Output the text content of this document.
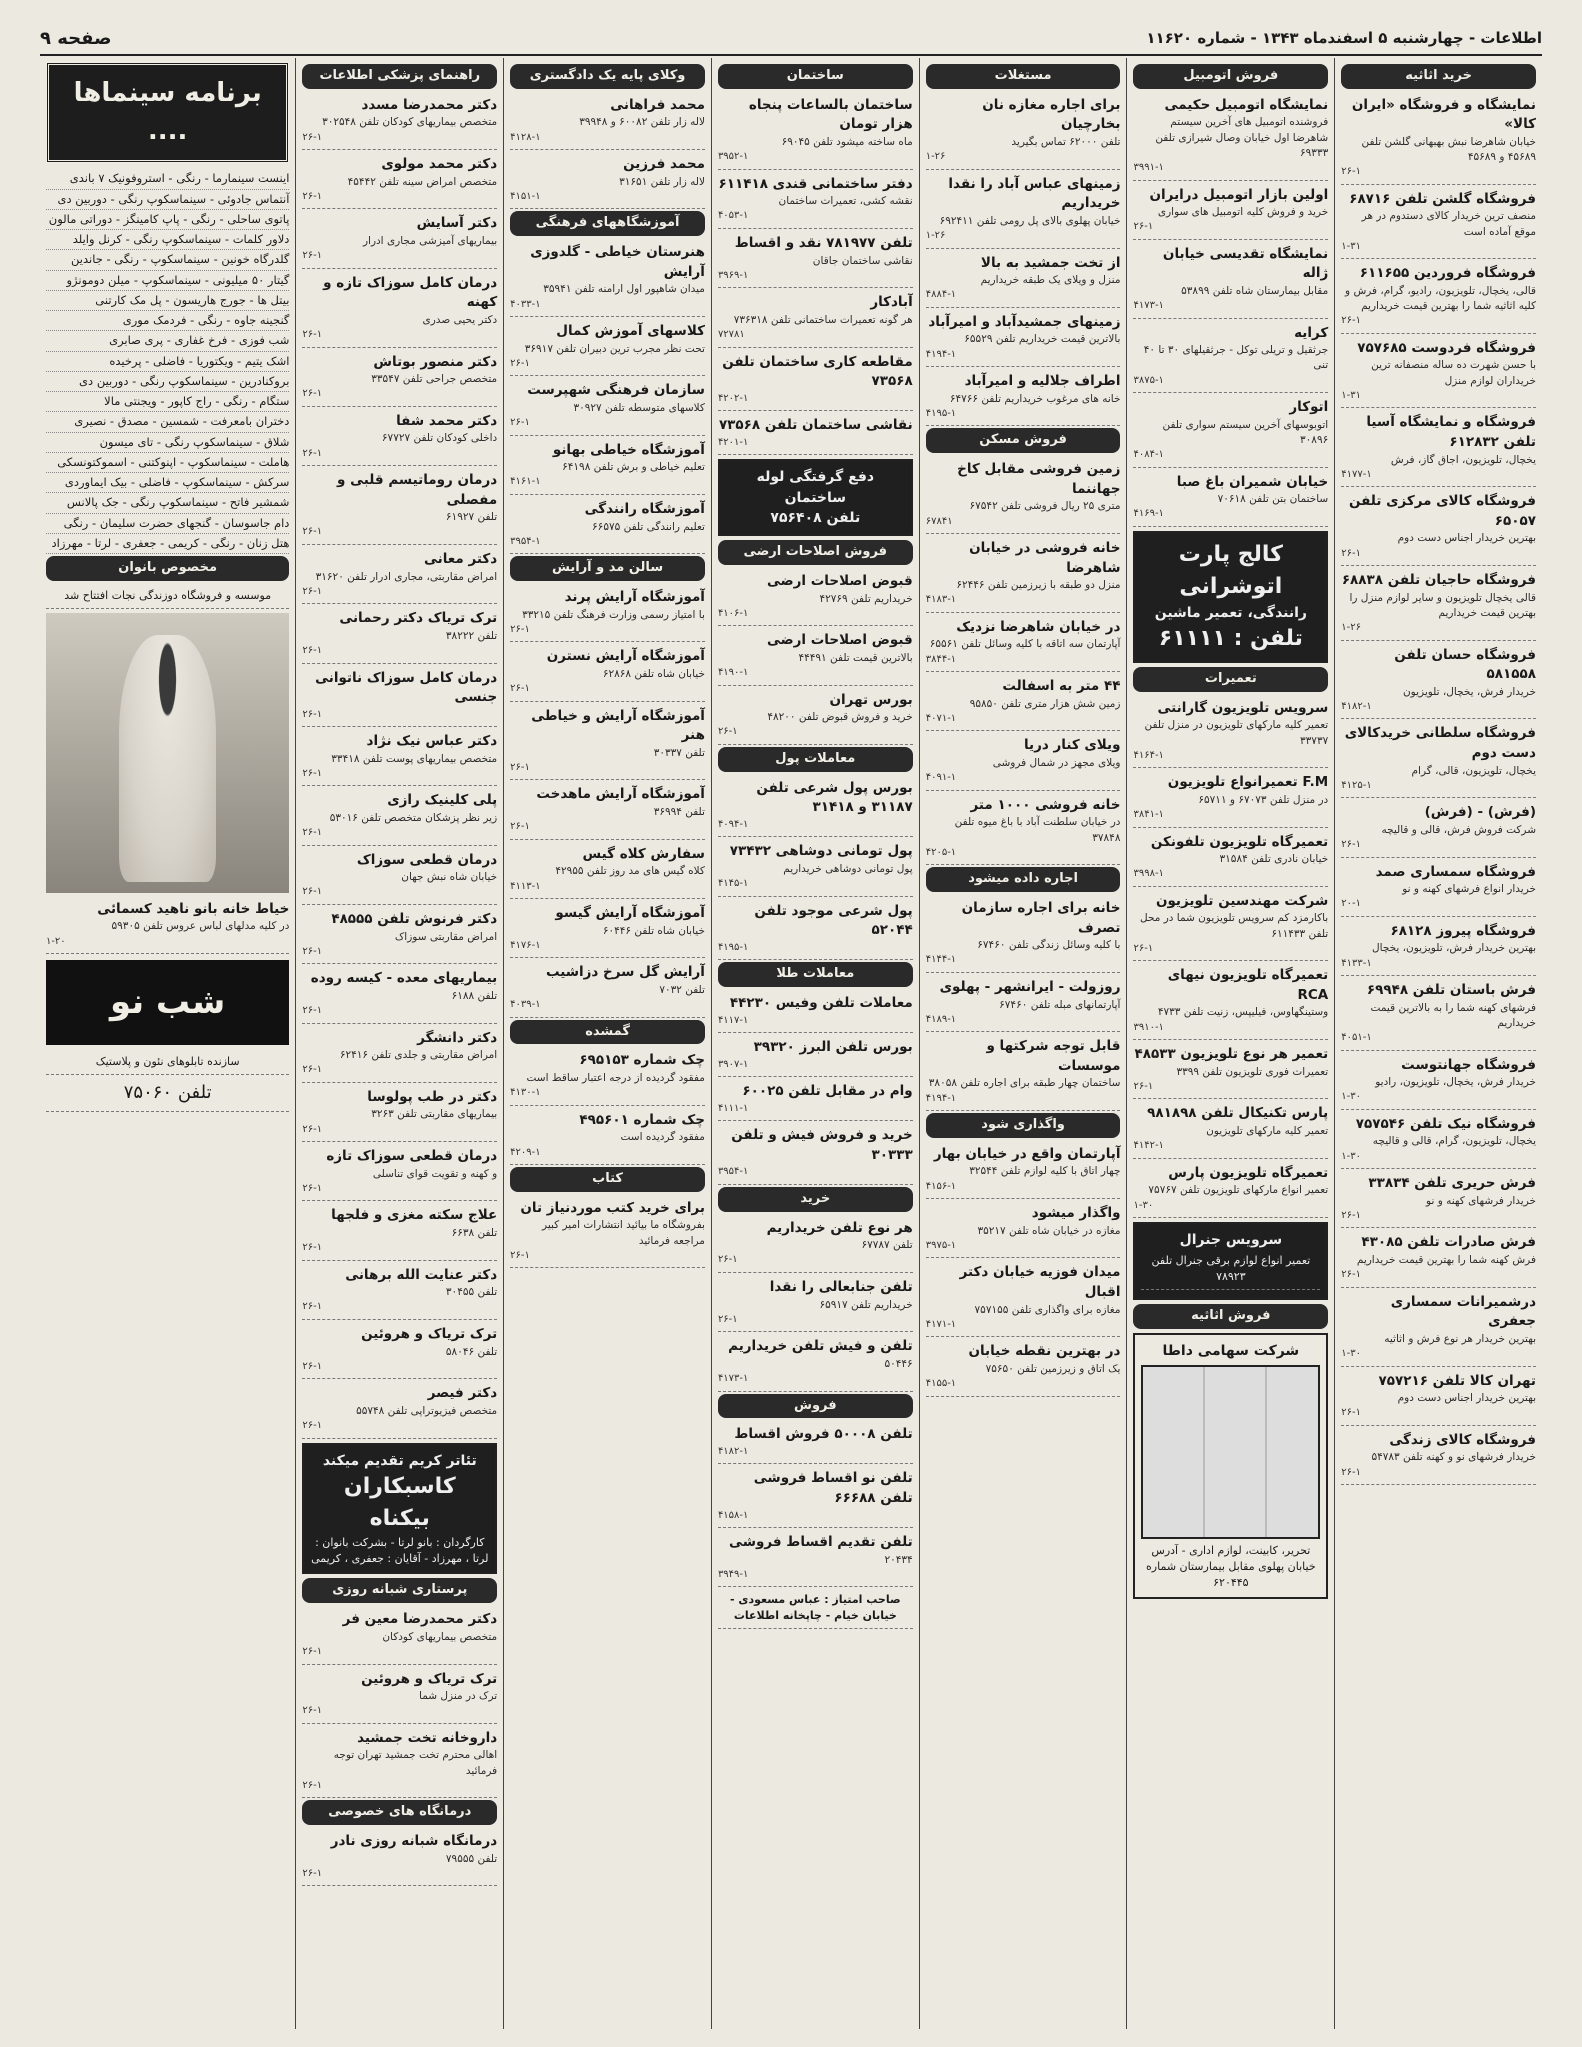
اطلاعات - چهارشنبه ۵ اسفندماه ۱۳۴۳ - شماره ۱۱۶۲۰
صفحه ۹
خرید اثاثیه
نمایشگاه و فروشگاه «ایران کالا»
خیابان شاهرضا نبش بهبهانی گلشن تلفن ۴۵۶۸۹ و ۴۵۶۸۹
۲۶-۱
فروشگاه گلشن تلفن ۶۸۷۱۶
منصف ترین خریدار کالای دستدوم در هر موقع آماده است
۱-۳۱
فروشگاه فروردین ۶۱۱۶۵۵
قالی، یخچال، تلویزیون، رادیو، گرام، فرش و کلیه اثاثیه شما را بهترین قیمت خریداریم
۲۶-۱
فروشگاه فردوست ۷۵۷۶۸۵
با حسن شهرت ده ساله منصفانه ترین خریداران لوازم منزل
۱-۳۱
فروشگاه و نمایشگاه آسیا تلفن ۶۱۲۸۳۲
یخچال، تلویزیون، اجاق گاز، فرش
۴۱۷۷-۱
فروشگاه کالای مرکزی تلفن ۶۵۰۵۷
بهترین خریدار اجناس دست دوم
۲۶-۱
فروشگاه حاجیان تلفن ۶۸۸۳۸
قالی یخچال تلویزیون و سایر لوازم منزل را بهترین قیمت خریداریم
۱-۲۶
فروشگاه حسان تلفن ۵۸۱۵۵۸
خریدار فرش، یخچال، تلویزیون
۴۱۸۲-۱
فروشگاه سلطانی خریدکالای دست دوم
یخچال، تلویزیون، قالی، گرام
۴۱۲۵-۱
(فرش) - (فرش)
شرکت فروش فرش، قالی و قالیچه
۲۶-۱
فروشگاه سمساری صمد
خریدار انواع فرشهای کهنه و نو
۲۰-۱
فروشگاه پیروز ۶۸۱۲۸
بهترین خریدار فرش، تلویزیون، یخچال
۴۱۳۳-۱
فرش باستان تلفن ۶۹۹۴۸
فرشهای کهنه شما را به بالاترین قیمت خریداریم
۴۰۵۱-۱
فروشگاه جهانتوست
خریدار فرش، یخچال، تلویزیون، رادیو
۱-۳۰
فروشگاه نیک تلفن ۷۵۷۵۴۶
یخچال، تلویزیون، گرام، قالی و قالیچه
۱-۳۰
فرش حریری تلفن ۳۳۸۳۴
خریدار فرشهای کهنه و نو
۲۶-۱
فرش صادرات تلفن ۴۳۰۸۵
فرش کهنه شما را بهترین قیمت خریداریم
۲۶-۱
درشمیرانات سمساری جعفری
بهترین خریدار هر نوع فرش و اثاثیه
۱-۳۰
تهران کالا تلفن ۷۵۷۲۱۶
بهترین خریدار اجناس دست دوم
۲۶-۱
فروشگاه کالای زندگی
خریدار فرشهای نو و کهنه تلفن ۵۴۷۸۳
۲۶-۱
فروش اتومبیل
نمایشگاه اتومبیل حکیمی
فروشنده اتومبیل های آخرین سیستم شاهرضا اول خیابان وصال شیرازی تلفن ۶۹۳۳۳
۳۹۹۱-۱
اولین بازار اتومبیل درایران
خرید و فروش کلیه اتومبیل های سواری
۲۶-۱
نمایشگاه تقدیسی خیابان ژاله
مقابل بیمارستان شاه تلفن ۵۳۸۹۹
۴۱۷۳-۱
کرایه
جرثقیل و تریلی توکل - جرثقیلهای ۳۰ تا ۴۰ تنی
۳۸۷۵-۱
اتوکار
اتوبوسهای آخرین سیستم سواری تلفن ۳۰۸۹۶
۴۰۸۴-۱
خیابان شمیران باغ صبا
ساختمان بتن تلفن ۷۰۶۱۸
۴۱۶۹-۱
کالج پارت اتوشرانی
رانندگی، تعمیر ماشین
تلفن : ۶۱۱۱۱
تعمیرات
سرویس تلویزیون گارانتی
تعمیر کلیه مارکهای تلویزیون در منزل تلفن ۳۳۷۳۷
۴۱۶۴-۱
F.M تعمیرانواع تلویزیون
در منزل تلفن ۶۷۰۷۳ و ۶۵۷۱۱
۳۸۴۱-۱
تعمیرگاه تلویزیون تلفونکن
خیابان نادری تلفن ۳۱۵۸۴
۳۹۹۸-۱
شرکت مهندسین تلویزیون
باکارمزد کم سرویس تلویزیون شما در محل تلفن ۶۱۱۴۳۳
۲۶-۱
تعمیرگاه تلویزیون نیهای RCA
وستینگهاوس، فیلیپس، زنیت تلفن ۴۷۳۳
۳۹۱۰-۱
تعمیر هر نوع تلویزیون ۴۸۵۳۳
تعمیرات فوری تلویزیون تلفن ۳۳۹۹
۲۶-۱
پارس تکنیکال تلفن ۹۸۱۸۹۸
تعمیر کلیه مارکهای تلویزیون
۴۱۴۲-۱
تعمیرگاه تلویزیون پارس
تعمیر انواع مارکهای تلویزیون تلفن ۷۵۷۶۷
۱-۳۰
سرویس جنرال
تعمیر انواع لوازم برقی جنرال تلفن ۷۸۹۲۳
فروش اثاثیه
شرکت سهامی داطا
تحریر، کابینت، لوازم اداری - آدرس خیابان پهلوی مقابل بیمارستان شماره ۶۲۰۴۴۵
مستغلات
برای اجاره مغازه نان بخارچیان
تلفن ۶۲۰۰۰ تماس بگیرید
۱-۲۶
زمینهای عباس آباد را نقدا خریداریم
خیابان پهلوی بالای پل رومی تلفن ۶۹۲۴۱۱
۱-۲۶
از تخت جمشید به بالا
منزل و ویلای یک طبقه خریداریم
۴۸۸۴-۱
زمینهای جمشیدآباد و امیرآباد
بالاترین قیمت خریداریم تلفن ۶۵۵۲۹
۴۱۹۴-۱
اطراف جلالیه و امیرآباد
خانه های مرغوب خریداریم تلفن ۶۴۷۶۶
۴۱۹۵-۱
فروش مسکن
زمین فروشی مقابل کاخ جهاننما
متری ۲۵ ریال فروشی تلفن ۶۷۵۴۲
۶۷۸۴۱
خانه فروشی در خیابان شاهرضا
منزل دو طبقه با زیرزمین تلفن ۶۲۴۴۶
۴۱۸۳-۱
در خیابان شاهرضا نزدیک
آپارتمان سه اتاقه با کلیه وسائل تلفن ۶۵۵۶۱
۳۸۴۴-۱
۴۴ متر به اسفالت
زمین شش هزار متری تلفن ۹۵۸۵۰
۴۰۷۱-۱
ویلای کنار دریا
ویلای مجهز در شمال فروشی
۴۰۹۱-۱
خانه فروشی ۱۰۰۰ متر
در خیابان سلطنت آباد با باغ میوه تلفن ۳۷۸۴۸
۴۲۰۵-۱
اجاره داده میشود
خانه برای اجاره سازمان تصرف
با کلیه وسائل زندگی تلفن ۶۷۴۶۰
۴۱۴۴-۱
روزولت - ایرانشهر - پهلوی
آپارتمانهای مبله تلفن ۶۷۴۶۰
۴۱۸۹-۱
قابل توجه شرکتها و موسسات
ساختمان چهار طبقه برای اجاره تلفن ۳۸۰۵۸
۴۱۹۴-۱
واگذاری شود
آپارتمان واقع در خیابان بهار
چهار اتاق با کلیه لوازم تلفن ۳۲۵۴۴
۴۱۵۶-۱
واگذار میشود
مغازه در خیابان شاه تلفن ۳۵۲۱۷
۳۹۷۵-۱
میدان فوزیه خیابان دکتر اقبال
مغازه برای واگذاری تلفن ۷۵۷۱۵۵
۴۱۷۱-۱
در بهترین نقطه خیابان
یک اتاق و زیرزمین تلفن ۷۵۶۵۰
۴۱۵۵-۱
ساختمان
ساختمان بالساعات پنجاه هزار تومان
ماه ساخته میشود تلفن ۶۹۰۴۵
۳۹۵۲-۱
دفتر ساختمانی قندی ۶۱۱۴۱۸
نقشه کشی، تعمیرات ساختمان
۴۰۵۳-۱
تلفن ۷۸۱۹۷۷ نقد و اقساط
نقاشی ساختمان جاقان
۳۹۶۹-۱
آبادکار
هر گونه تعمیرات ساختمانی تلفن ۷۳۶۳۱۸
۷۲۷۸۱
مقاطعه کاری ساختمان تلفن ۷۳۵۶۸
۴۲۰۲-۱
نقاشی ساختمان تلفن ۷۳۵۶۸
۴۲۰۱-۱
دفع گرفتگی لوله ساختمان
تلفن ۷۵۶۴۰۸
فروش اصلاحات ارضی
قبوض اصلاحات ارضی
خریداریم تلفن ۴۲۷۶۹
۴۱۰۶-۱
قبوض اصلاحات ارضی
بالاترین قیمت تلفن ۴۴۴۹۱
۴۱۹۰-۱
بورس تهران
خرید و فروش قبوض تلفن ۴۸۲۰۰
۲۶-۱
معاملات پول
بورس پول شرعی تلفن ۳۱۱۸۷ و ۳۱۴۱۸
۴۰۹۴-۱
پول تومانی دوشاهی ۷۳۴۳۲
پول تومانی دوشاهی خریداریم
۴۱۴۵-۱
پول شرعی موجود تلفن ۵۲۰۴۴
۴۱۹۵-۱
معاملات طلا
معاملات تلفن وفیس ۴۴۲۳۰
۴۱۱۷-۱
بورس تلفن البرز ۳۹۳۲۰
۳۹۰۷-۱
وام در مقابل تلفن ۶۰۰۲۵
۴۱۱۱-۱
خرید و فروش فیش و تلفن ۳۰۳۳۳
۳۹۵۴-۱
خرید
هر نوع تلفن خریداریم
تلفن ۶۷۷۸۷
۲۶-۱
تلفن جنابعالی را نقدا
خریداریم تلفن ۶۵۹۱۷
۲۶-۱
تلفن و فیش تلفن خریداریم
۵۰۴۴۶
۴۱۷۳-۱
فروش
تلفن ۵۰۰۰۸ فروش اقساط
۴۱۸۲-۱
تلفن نو اقساط فروشی تلفن ۶۶۶۸۸
۴۱۵۸-۱
تلفن تقدیم اقساط فروشی
۲۰۴۳۴
۳۹۴۹-۱
صاحب امتیاز : عباس مسعودی - خیابان خیام - چاپخانه اطلاعات
وکلای پایه یک دادگستری
محمد فراهانی
لاله زار تلفن ۶۰۰۸۲ و ۳۹۹۴۸
۴۱۲۸-۱
محمد فرزین
لاله زار تلفن ۳۱۶۵۱
۴۱۵۱-۱
آموزشگاههای فرهنگی
هنرستان خیاطی - گلدوزی آرایش
میدان شاهپور اول ارامنه تلفن ۳۵۹۴۱
۴۰۳۳-۱
کلاسهای آموزش کمال
تحت نظر مجرب ترین دبیران تلفن ۳۶۹۱۷
۲۶-۱
سازمان فرهنگی شهپرست
کلاسهای متوسطه تلفن ۳۰۹۲۷
۲۶-۱
آموزشگاه خیاطی بهانو
تعلیم خیاطی و برش تلفن ۶۴۱۹۸
۴۱۶۱-۱
آموزشگاه رانندگی
تعلیم رانندگی تلفن ۶۶۵۷۵
۳۹۵۴-۱
سالن مد و آرایش
آموزشگاه آرایش پرند
با امتیاز رسمی وزارت فرهنگ تلفن ۳۳۲۱۵
۲۶-۱
آموزشگاه آرایش نسترن
خیابان شاه تلفن ۶۲۸۶۸
۲۶-۱
آموزشگاه آرایش و خیاطی هنر
تلفن ۳۰۳۳۷
۲۶-۱
آموزشگاه آرایش ماهدخت
تلفن ۳۶۹۹۴
۲۶-۱
سفارش کلاه گیس
کلاه گیس های مد روز تلفن ۴۲۹۵۵
۴۱۱۳-۱
آموزشگاه آرایش گیسو
خیابان شاه تلفن ۶۰۴۴۶
۴۱۷۶-۱
آرایش گل سرخ دزاشیب
تلفن ۷۰۳۲
۴۰۳۹-۱
گمشده
چک شماره ۶۹۵۱۵۳
مفقود گردیده از درجه اعتبار ساقط است
۴۱۳۰-۱
چک شماره ۴۹۵۶۰۱
مفقود گردیده است
۴۲۰۹-۱
کتاب
برای خرید کتب موردنیاز تان
بفروشگاه ما بیائید انتشارات امیر کبیر مراجعه فرمائید
۲۶-۱
راهنمای پزشکی اطلاعات
دکتر محمدرضا مسدد
متخصص بیماریهای کودکان تلفن ۳۰۲۵۴۸
۲۶-۱
دکتر محمد مولوی
متخصص امراض سینه تلفن ۴۵۴۴۲
۲۶-۱
دکتر آسایش
بیماریهای آمیزشی مجاری ادرار
۲۶-۱
درمان کامل سوزاک تازه و کهنه
دکتر یحیی صدری
۲۶-۱
دکتر منصور بوتاش
متخصص جراحی تلفن ۳۳۵۴۷
۲۶-۱
دکتر محمد شفا
داخلی کودکان تلفن ۶۷۷۲۷
۲۶-۱
درمان روماتیسم قلبی و مفصلی
تلفن ۶۱۹۲۷
۲۶-۱
دکتر معانی
امراض مقاربتی، مجاری ادرار تلفن ۳۱۶۲۰
۲۶-۱
ترک تریاک دکتر رحمانی
تلفن ۳۸۲۲۲
۲۶-۱
درمان کامل سوزاک ناتوانی جنسی
۲۶-۱
دکتر عباس نیک نژاد
متخصص بیماریهای پوست تلفن ۳۳۴۱۸
۲۶-۱
پلی کلینیک رازی
زیر نظر پزشکان متخصص تلفن ۵۳۰۱۶
۲۶-۱
درمان قطعی سوزاک
خیابان شاه نبش جهان
۲۶-۱
دکتر فرنوش تلفن ۴۸۵۵۵
امراض مقاربتی سوزاک
۲۶-۱
بیماریهای معده - کیسه روده
تلفن ۶۱۸۸
۲۶-۱
دکتر دانشگر
امراض مقاربتی و جلدی تلفن ۶۲۴۱۶
۲۶-۱
دکتر در طب پولوسا
بیماریهای مقاربتی تلفن ۳۲۶۳
۲۶-۱
درمان قطعی سوزاک تازه
و کهنه و تقویت قوای تناسلی
۲۶-۱
علاج سکته مغزی و فلجها
تلفن ۶۶۳۸
۲۶-۱
دکتر عنایت الله برهانی
تلفن ۳۰۴۵۵
۲۶-۱
ترک تریاک و هروئین
تلفن ۵۸۰۴۶
۲۶-۱
دکتر فیصر
متخصص فیزیوتراپی تلفن ۵۵۷۴۸
۲۶-۱
تئاتر کریم تقدیم میکند
کاسبکاران بیکناه
کارگردان : بانو لرتا - بشرکت بانوان : لرتا ، مهرزاد - آقایان : جعفری ، کریمی
پرستاری شبانه روزی
دکتر محمدرضا معین فر
متخصص بیماریهای کودکان
۲۶-۱
ترک تریاک و هروئین
ترک در منزل شما
۲۶-۱
داروخانه تخت جمشید
اهالی محترم تخت جمشید تهران توجه فرمائید
۲۶-۱
درمانگاه های خصوصی
درمانگاه شبانه روزی نادر
تلفن ۷۹۵۵۵
۲۶-۱
برنامه سینماها ....
اینست سینمارما - رنگی - استروفونیک ۷ باندی
آنتماس جادوئی - سینماسکوپ رنگی - دوربین دی
پاتوی ساحلی - رنگی - پاپ کامینگز - دوراتی مالون
دلاور کلمات - سینماسکوپ رنگی - کرنل وایلد
گلدرگاه خونین - سینماسکوپ - رنگی - جاندین
گیتار ۵۰ میلیونی - سینماسکوپ - میلن دومونژو
بیتل ها - جورج هاریسون - پل مک کارتنی
گنجینه جاوه - رنگی - فردمک موری
شب فوزی - فرخ غفاری - پری صابری
اشک یتیم - ویکتوریا - فاضلی - پرخیده
بروکنادرین - سینماسکوپ رنگی - دوربین دی
ستگام - رنگی - راج کاپور - ویجنتی مالا
دختران بامعرفت - شمسین - مصدق - نصیری
شلاق - سینماسکوپ رنگی - تای میسون
هاملت - سینماسکوپ - اپنوکتنی - اسموکتونسکی
سرکش - سینماسکوپ - فاضلی - بیک ایماوردی
شمشیر فاتح - سینماسکوپ رنگی - جک پالانس
دام جاسوسان - گنجهای حضرت سلیمان - رنگی
هتل زنان - رنگی - کریمی - جعفری - لرتا - مهرزاد
مخصوص بانوان
موسسه و فروشگاه دوزندگی نجات افتتاح شد
خیاط خانه بانو ناهید کسمائی
در کلیه مدلهای لباس عروس تلفن ۵۹۳۰۵
۱-۲۰
شب نو
سازنده تابلوهای نئون و پلاستیک
تلفن ۷۵۰۶۰
